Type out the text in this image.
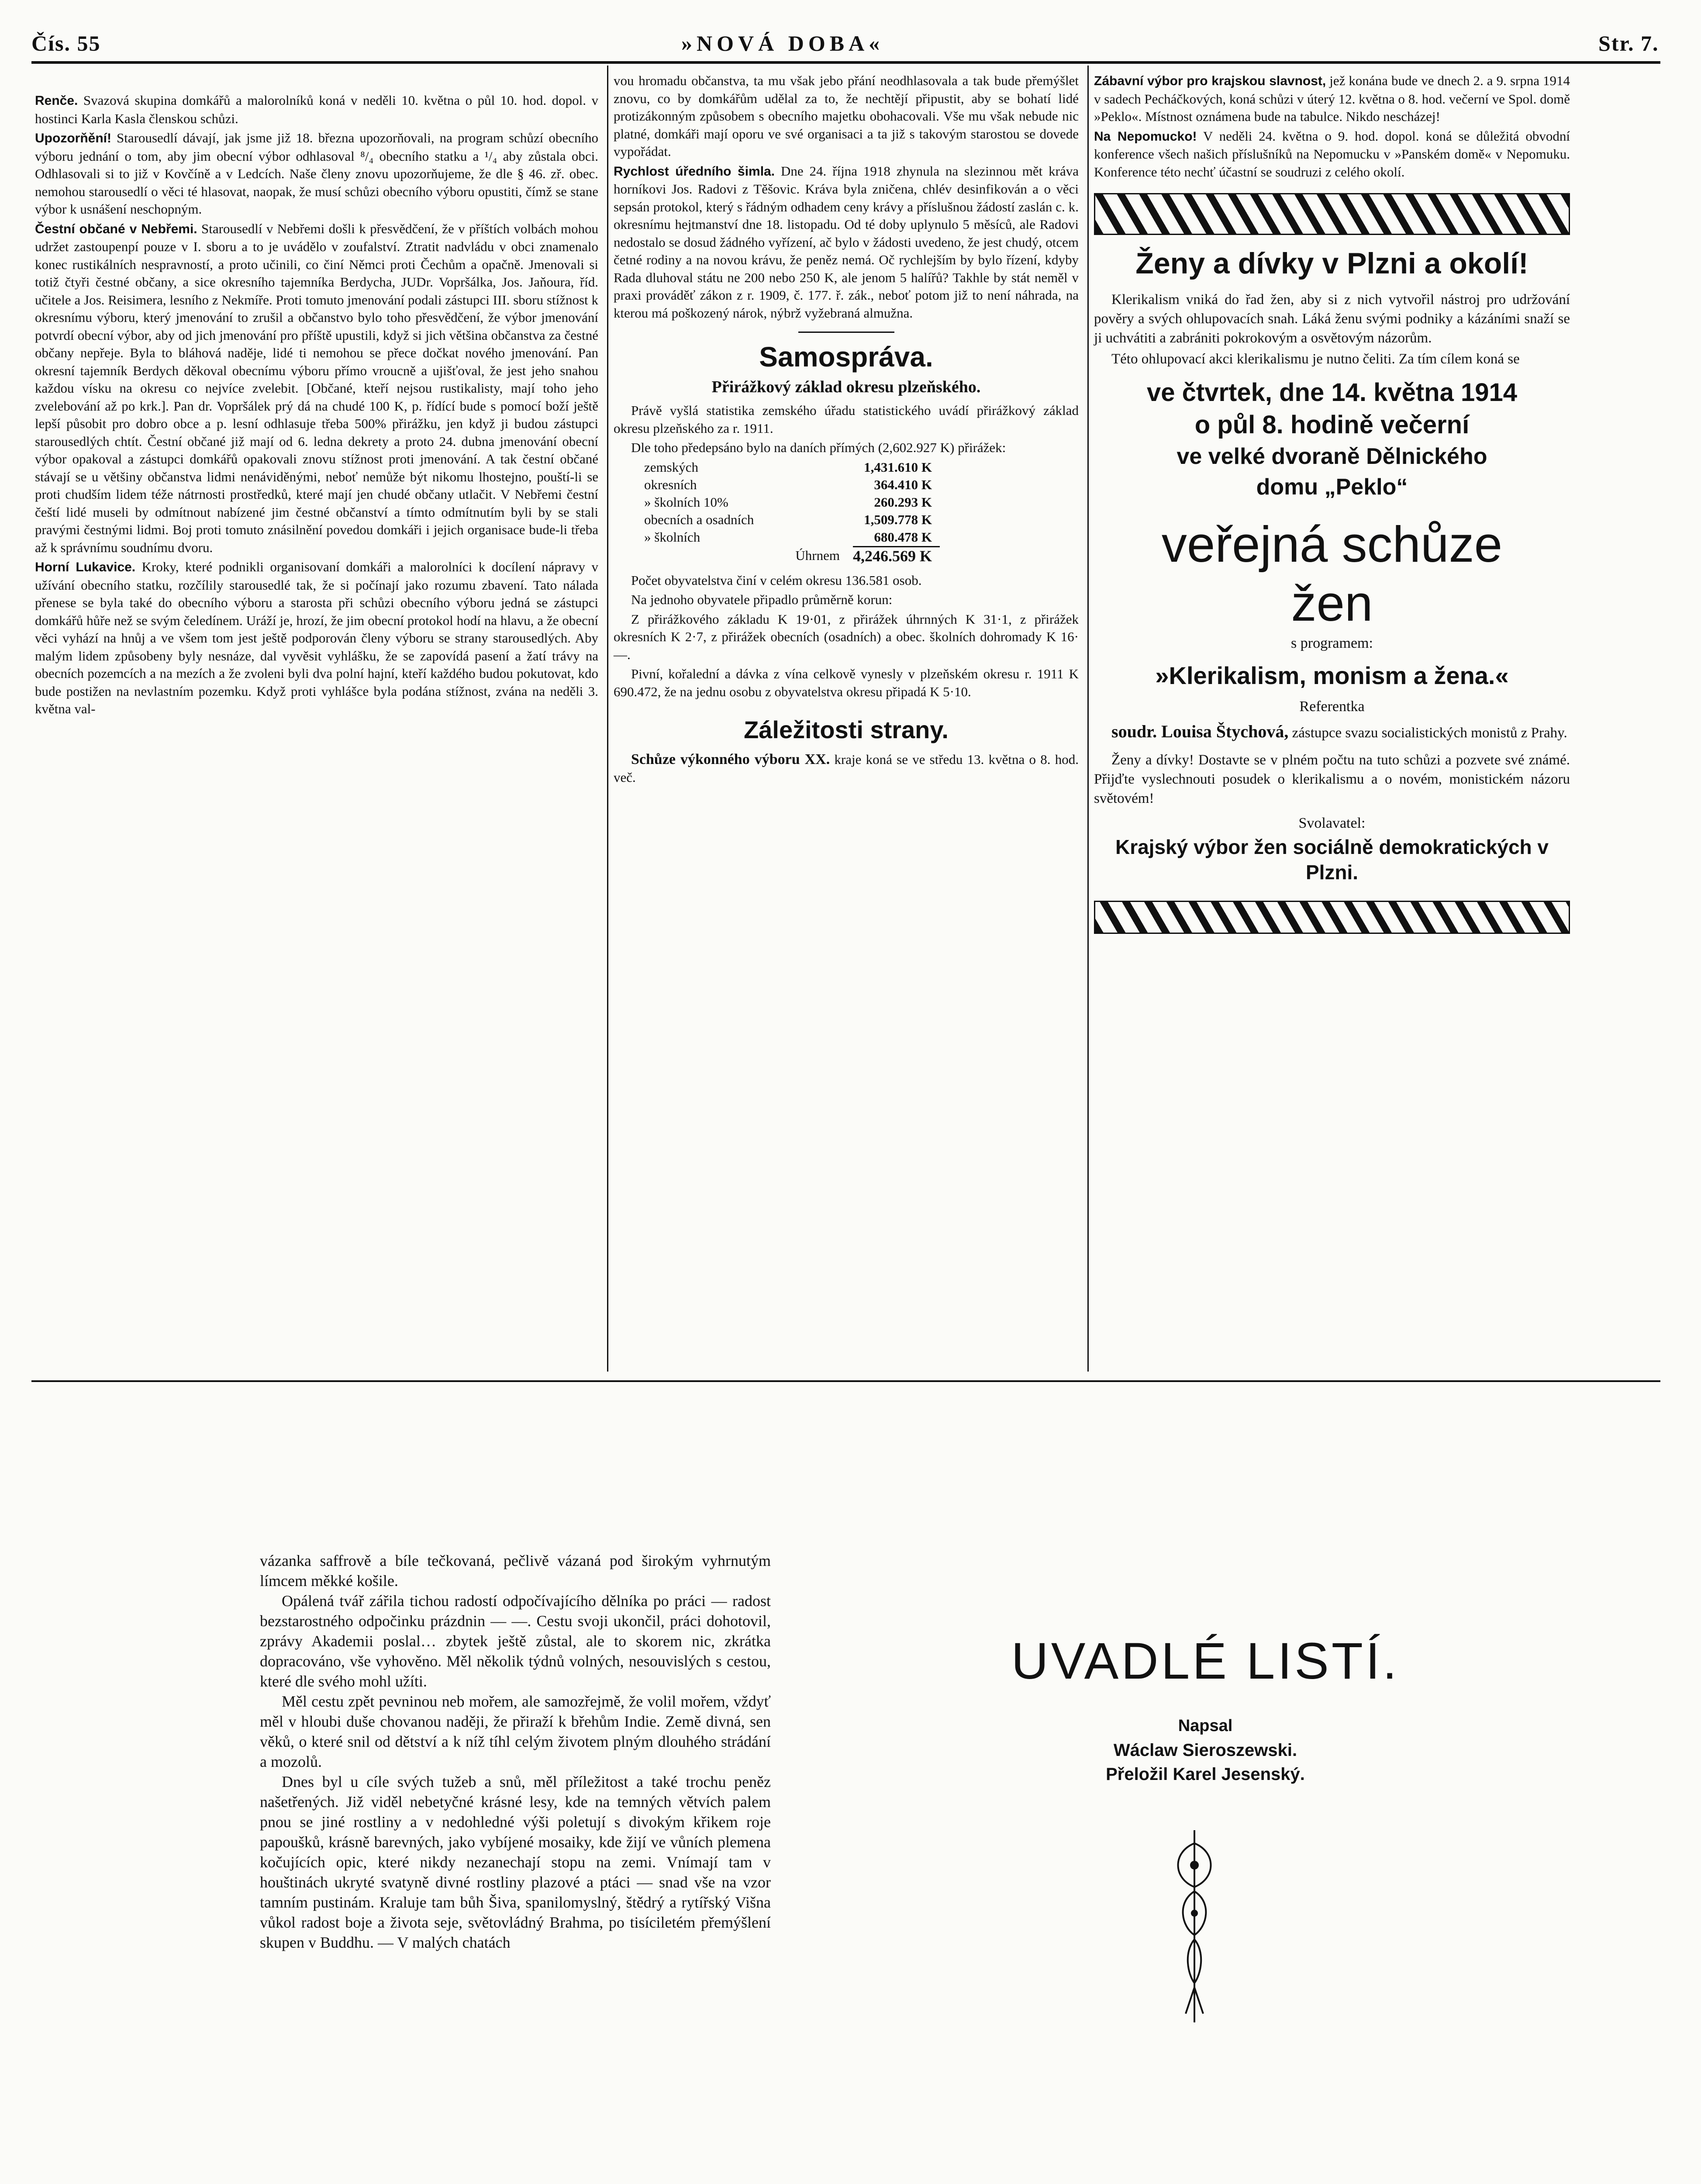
Čís. 55	»NOVÁ DOBA«	Str. 7.

Renče. Svazová skupina domkářů a malorolníků koná v neděli 10. května o půl 10. hod. dopol. v hostinci Karla Kasla členskou schůzi.

Upozorňění! Starousedlí dávají, jak jsme již 18. března upozorňovali, na program schůzí obecního výboru jednání o tom, aby jim obecní výbor odhlasoval ⁸/₄ obecního statku a ¹/₄ aby zůstala obci. Odhlasovali si to již v Kovčíně a v Ledcích. Naše členy znovu upozorňujeme, že dle § 46. zř. obec. nemohou starousedlí o věci té hlasovat, naopak, že musí schůzi obecního výboru opustiti, čímž se stane výbor k usnášení neschopným.

Čestní občané v Nebřemi. Starousedlí v Nebřemi došli k přesvědčení, že v příštích volbách mohou udržet zastoupenpí pouze v I. sboru a to je uvádělo v zoufalství. Ztratit nadvládu v obci znamenalo konec rustikálních nespravností, a proto učinili, co činí Němci proti Čechům a opačně. Jmenovali si totiž čtyři čestné občany, a sice okresního tajemníka Berdycha, JUDr. Vopršálka, Jos. Jaňoura, říd. učitele a Jos. Reisimera, lesního z Nekmíře. Proti tomuto jmenování podali zástupci III. sboru stížnost k okresnímu výboru, který jmenování to zrušil a občanstvo bylo toho přesvědčení, že výbor jmenování potvrdí obecní výbor, aby od jich jmenování pro příště upustili, když si jich většina občanstva za čestné občany nepřeje. Byla to bláhová naděje, lidé ti nemohou se přece dočkat nového jmenování. Pan okresní tajemník Berdych děkoval obecnímu výboru přímo vroucně a ujišťoval, že jest jeho snahou každou vísku na okresu co nejvíce zvelebit. [Občané, kteří nejsou rustikalisty, mají toho jeho zvelebování až po krk.]. Pan dr. Vopršálek prý dá na chudé 100 K, p. řídící bude s pomocí boží ještě lepší působit pro dobro obce a p. lesní odhlasuje třeba 500% přirážku, jen když ji budou zástupci starousedlých chtít. Čestní občané již mají od 6. ledna dekrety a proto 24. dubna jmenování obecní výbor opakoval a zástupci domkářů opakovali znovu stížnost proti jmenování. A tak čestní občané stávají se u většiny občanstva lidmi nenáviděnými, neboť nemůže být nikomu lhostejno, pouští-li se proti chudším lidem téže nátrnosti prostředků, které mají jen chudé občany utlačit. V Nebřemi čestní čeští lidé museli by odmítnout nabízené jim čestné občanství a tímto odmítnutím byli by se stali pravými čestnými lidmi. Boj proti tomuto znásilnění povedou domkáři i jejich organisace bude-li třeba až k správnímu soudnímu dvoru.

Horní Lukavice. Kroky, které podnikli organisovaní domkáři a malorolníci k docílení nápravy v užívání obecního statku, rozčílily starousedlé tak, že si počínají jako rozumu zbavení. Tato nálada přenese se byla také do obecního výboru a starosta při schůzi obecního výboru jedná se zástupci domkářů hůře než se svým čeledínem. Uráží je, hrozí, že jim obecní protokol hodí na hlavu, a že obecní věci vyhází na hnůj a ve všem tom jest ještě podporován členy výboru se strany starousedlých. Aby malým lidem způsobeny byly nesnáze, dal vyvěsit vyhlášku, že se zapovídá pasení a žatí trávy na obecních pozemcích a na mezích a že zvoleni byli dva polní hajní, kteří každého budou pokutovat, kdo bude postižen na nevlastním pozemku. Když proti vyhlášce byla podána stížnost, zvána na neděli 3. května val-

vou hromadu občanstva, ta mu však jebo přání neodhlasovala a tak bude přemýšlet znovu, co by domkářům udělal za to, že nechtějí připustit, aby se bohatí lidé protizákonným způsobem s obecního majetku obohacovali. Vše mu však nebude nic platné, domkáři mají oporu ve své organisaci a ta již s takovým starostou se dovede vypořádat.

Rychlost úředního šimla. Dne 24. října 1918 zhynula na slezinnou mět kráva horníkovi Jos. Radovi z Těšovic. Kráva byla zničena, chlév desinfikován a o věci sepsán protokol, který s řádným odhadem ceny krávy a příslušnou žádostí zaslán c. k. okresnímu hejtmanství dne 18. listopadu. Od té doby uplynulo 5 měsíců, ale Radovi nedostalo se dosud žádného vyřízení, ač bylo v žádosti uvedeno, že jest chudý, otcem četné rodiny a na novou krávu, že peněz nemá. Oč rychlejším by bylo řízení, kdyby Rada dluhoval státu ne 200 nebo 250 K, ale jenom 5 halířů? Takhle by stát neměl v praxi prováděť zákon z r. 1909, č. 177. ř. zák., neboť potom již to není náhrada, na kterou má poškozený nárok, nýbrž vyžebraná almužna.

Samospráva.
Přirážkový základ okresu plzeňského.

Právě vyšlá statistika zemského úřadu statistického uvádí přirážkový základ okresu plzeňského za r. 1911.

Dle toho předepsáno bylo na daních přímých (2,602.927 K) přirážek:

zemských	1,431.610 K
okresních	364.410 K
» školních 10%	260.293 K
obecních a osadních	1,509.778 K
» školních	680.478 K
Úhrnem	4,246.569 K

Počet obyvatelstva činí v celém okresu 136.581 osob.

Na jednoho obyvatele připadlo průměrně korun:

Z přirážkového základu K 19·01, z přirážek úhrnných K 31·1, z přirážek okresních K 2·7, z přirážek obecních (osadních) a obec. školních dohromady K 16·—.

Pivní, kořalední a dávka z vína celkově vynesly v plzeňském okresu r. 1911 K 690.472, že na jednu osobu z obyvatelstva okresu připadá K 5·10.

Záležitosti strany.

Schůze výkonného výboru XX. kraje koná se ve středu 13. května o 8. hod. več.

Zábavní výbor pro krajskou slavnost, jež konána bude ve dnech 2. a 9. srpna 1914 v sadech Pecháčkových, koná schůzi v úterý 12. května o 8. hod. večerní ve Spol. domě »Peklo«. Místnost oznámena bude na tabulce. Nikdo nescházej!

Na Nepomucko! V neděli 24. května o 9. hod. dopol. koná se důležitá obvodní konference všech našich příslušníků na Nepomucku v »Panském domě« v Nepomuku. Konference této nechť účastní se soudruzi z celého okolí.

Ženy a dívky v Plzni a okolí!

Klerikalism vniká do řad žen, aby si z nich vytvořil nástroj pro udržování pověry a svých ohlupovacích snah. Láká ženu svými podniky a kázáními snaží se ji uchvátiti a zabrániti pokrokovým a osvětovým názorům.

Této ohlupovací akci klerikalismu je nutno čeliti. Za tím cílem koná se

ve čtvrtek, dne 14. května 1914
o půl 8. hodině večerní
ve velké dvoraně Dělnického
domu „Peklo“
veřejná schůze
žen
s programem:
»Klerikalism, monism a žena.«
Referentka

soudr. Louisa Štychová, zástupce svazu socialistických monistů z Prahy.

Ženy a dívky! Dostavte se v plném počtu na tuto schůzi a pozvete své známé. Přijďte vyslechnouti posudek o klerikalismu a o novém, monistickém názoru světovém!

Svolavatel:
Krajský výbor žen sociálně demokratických v Plzni.

vázanka saffrově a bíle tečkovaná, pečlivě vázaná pod širokým vyhrnutým límcem měkké košile.

Opálená tvář zářila tichou radostí odpočívajícího dělníka po práci — radost bezstarostného odpočinku prázdnin — —. Cestu svoji ukončil, práci dohotovil, zprávy Akademii poslal… zbytek ještě zůstal, ale to skorem nic, zkrátka dopracováno, vše vyhověno. Měl několik týdnů volných, nesouvislých s cestou, které dle svého mohl užíti.

Měl cestu zpět pevninou neb mořem, ale samozřejmě, že volil mořem, vždyť měl v hloubi duše chovanou naději, že přiraží k břehům Indie. Země divná, sen věků, o které snil od dětství a k níž tíhl celým životem plným dlouhého strádání a mozolů.

Dnes byl u cíle svých tužeb a snů, měl příležitost a také trochu peněz našetřených. Již viděl nebetyčné krásné lesy, kde na temných větvích palem pnou se jiné rostliny a v nedohledné výši poletují s divokým křikem roje papoušků, krásně barevných, jako vybíjené mosaiky, kde žijí ve vůních plemena kočujících opic, které nikdy nezanechají stopu na zemi. Vnímají tam v houštinách ukryté svatyně divné rostliny plazové a ptáci — snad vše na vzor tamním pustinám. Kraluje tam bůh Šiva, spanilomyslný, štědrý a rytířský Višna vůkol radost boje a života seje, světovládný Brahma, po tisíciletém přemýšlení skupen v Buddhu. — V malých chatách

UVADLÉ LISTÍ.
Napsal
Wáclaw Sieroszewski.
Přeložil Karel Jesenský.
